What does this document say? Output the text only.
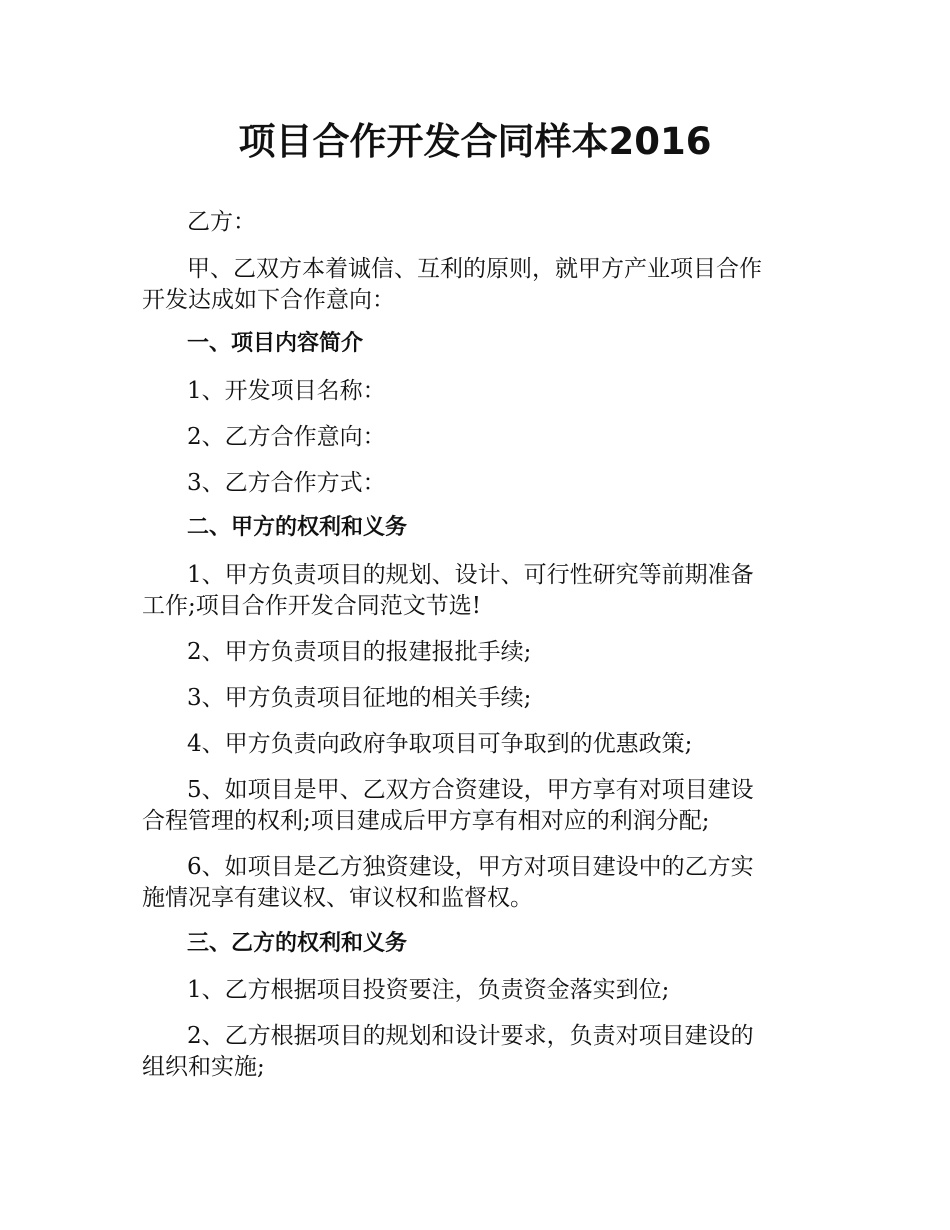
项目合作开发合同样本2016
乙方：
甲、乙双方本着诚信、互利的原则，就甲方产业项目合作
开发达成如下合作意向：
一、项目内容简介
1、开发项目名称：
2、乙方合作意向：
3、乙方合作方式：
二、甲方的权利和义务
1、甲方负责项目的规划、设计、可行性研究等前期准备
工作;项目合作开发合同范文节选!
2、甲方负责项目的报建报批手续;
3、甲方负责项目征地的相关手续;
4、甲方负责向政府争取项目可争取到的优惠政策;
5、如项目是甲、乙双方合资建设，甲方享有对项目建设
合程管理的权利;项目建成后甲方享有相对应的利润分配;
6、如项目是乙方独资建设，甲方对项目建设中的乙方实
施情况享有建议权、审议权和监督权。
三、乙方的权利和义务
1、乙方根据项目投资要注，负责资金落实到位;
2、乙方根据项目的规划和设计要求，负责对项目建设的
组织和实施;
